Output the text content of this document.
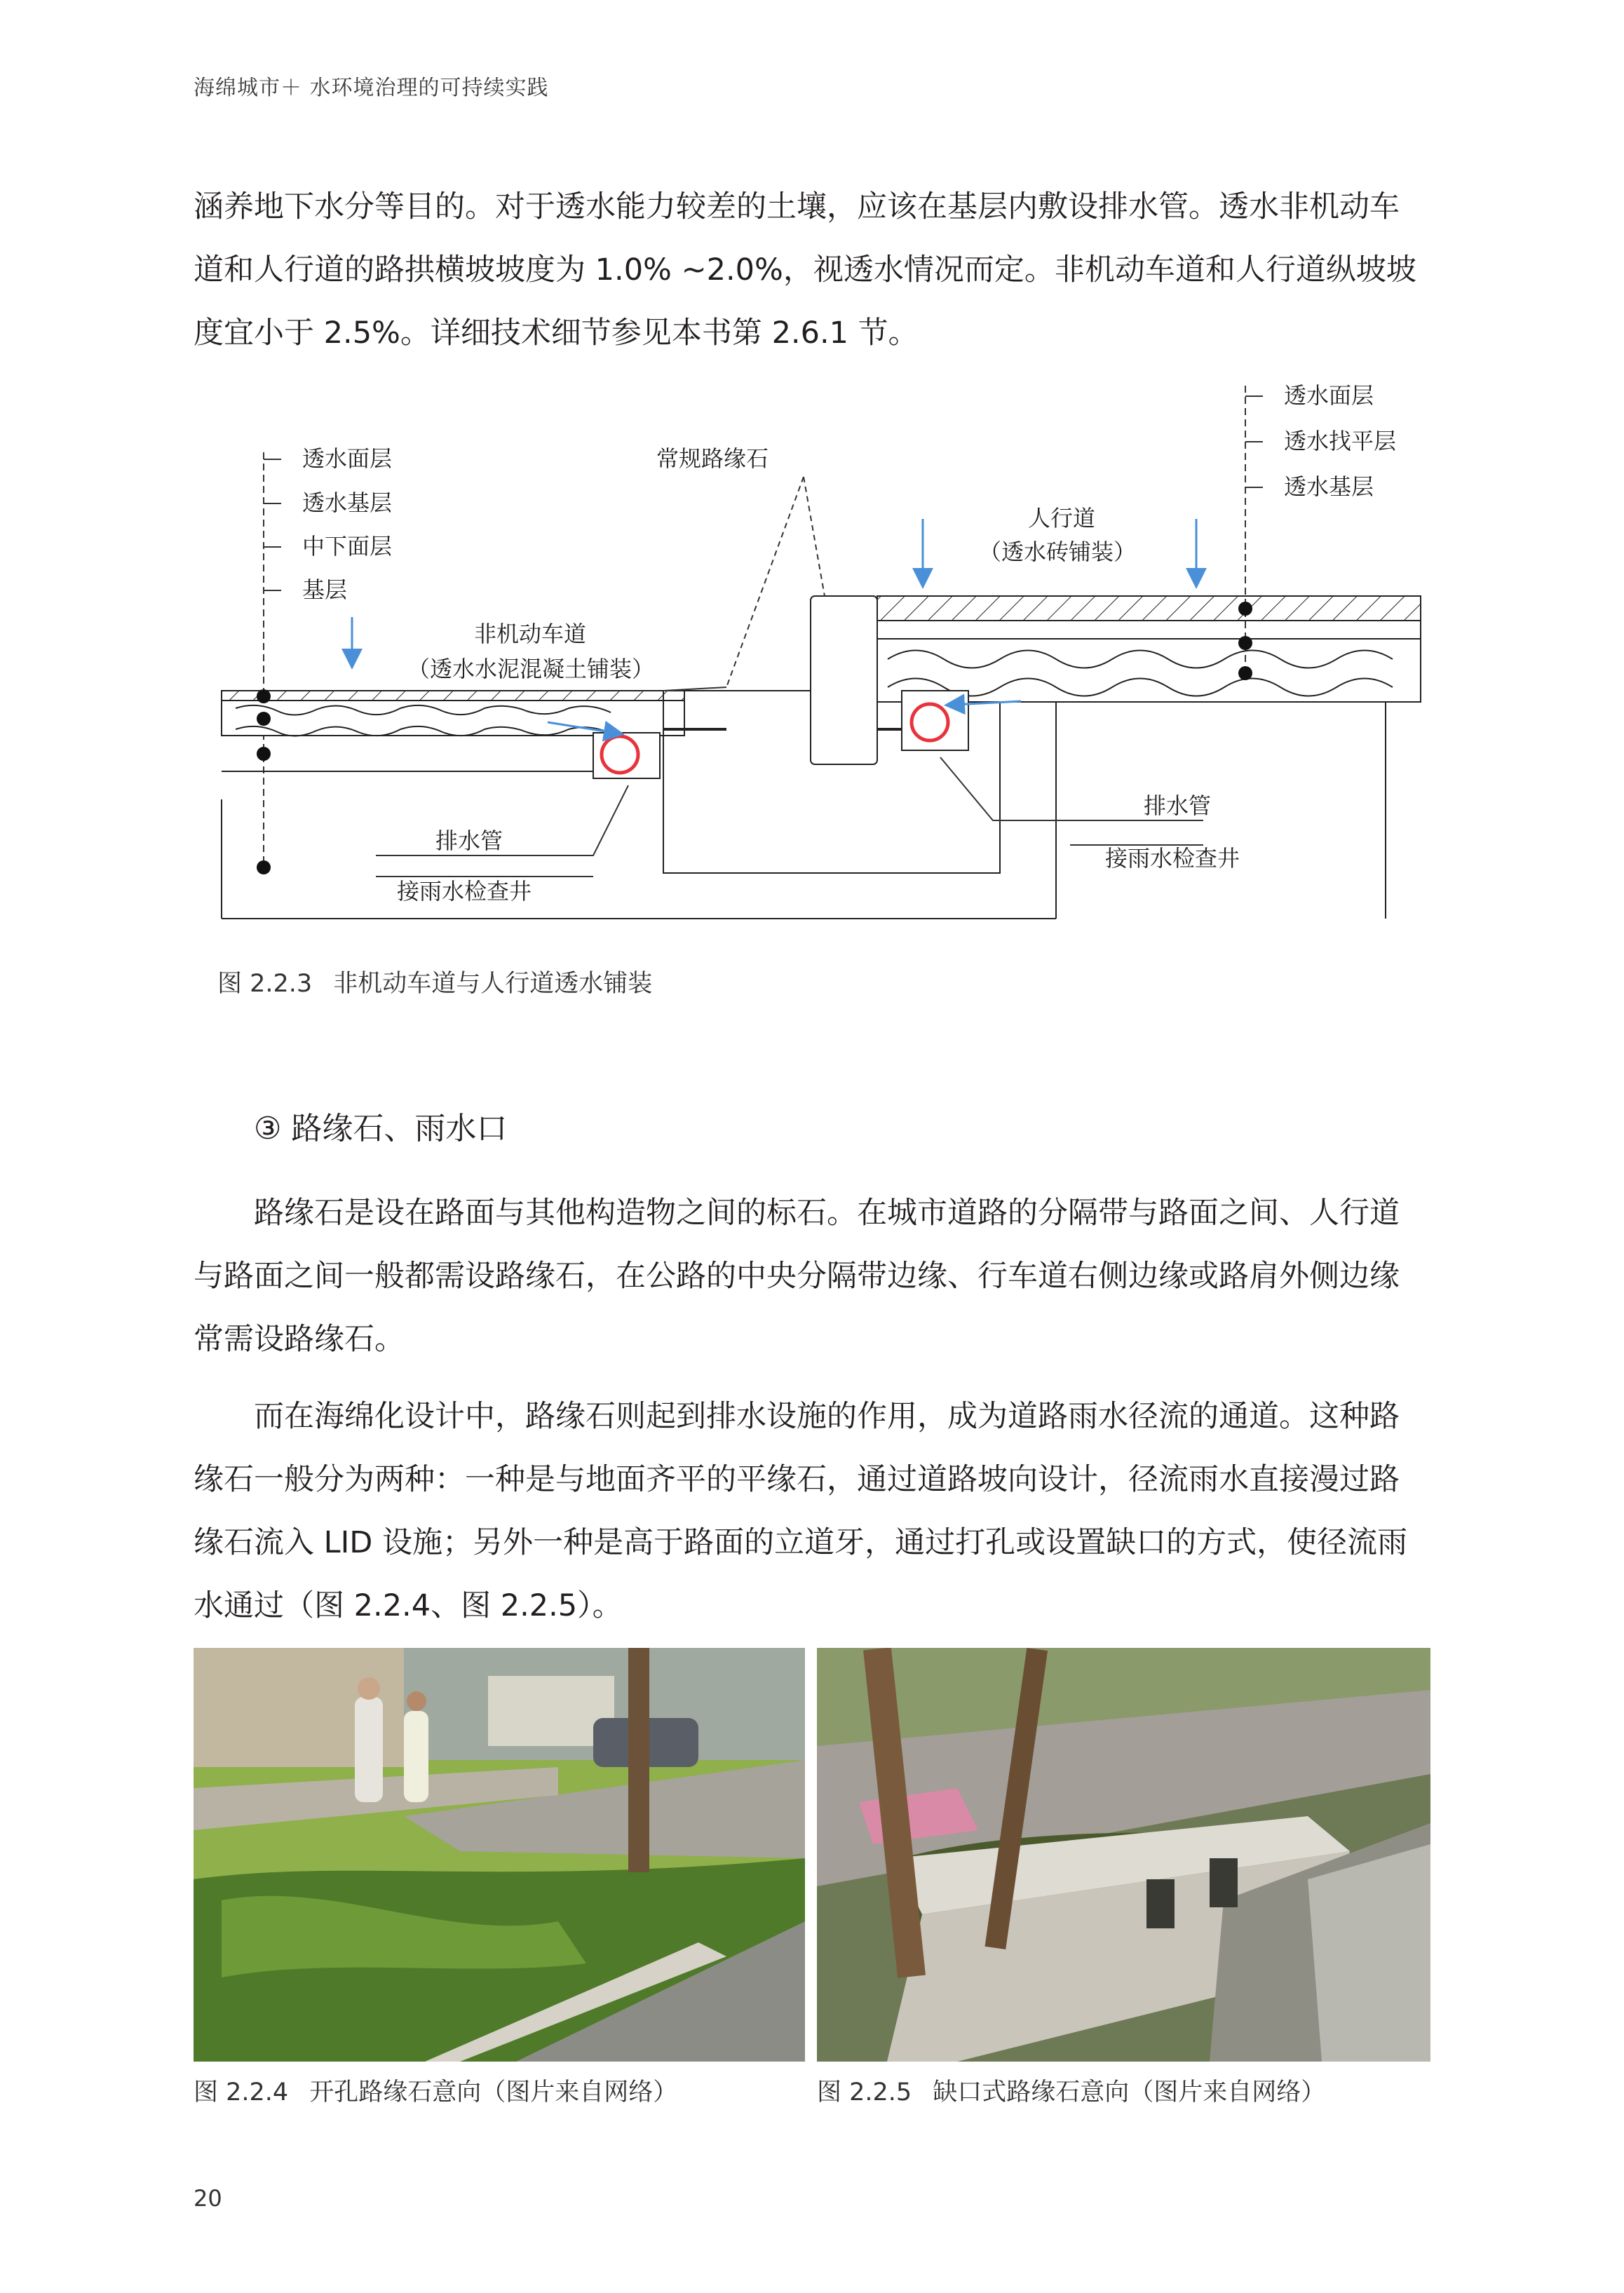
海绵城市＋ 水环境治理的可持续实践
涵养地下水分等目的。对于透水能力较差的土壤，应该在基层内敷设排水管。透水非机动车
道和人行道的路拱横坡坡度为 1.0% ~2.0%，视透水情况而定。非机动车道和人行道纵坡坡
度宜小于 2.5%。详细技术细节参见本书第 2.6.1 节。
透水面层
透水基层
中下面层
基层
非机动车道
（透水水泥混凝土铺装）
常规路缘石
人行道
（透水砖铺装）
透水面层
透水找平层
透水基层
排水管
接雨水检查井
排水管
接雨水检查井
图 2.2.3 非机动车道与人行道透水铺装
③ 路缘石、雨水口
路缘石是设在路面与其他构造物之间的标石。在城市道路的分隔带与路面之间、人行道
与路面之间一般都需设路缘石，在公路的中央分隔带边缘、行车道右侧边缘或路肩外侧边缘
常需设路缘石。
而在海绵化设计中，路缘石则起到排水设施的作用，成为道路雨水径流的通道。这种路
缘石一般分为两种：一种是与地面齐平的平缘石，通过道路坡向设计，径流雨水直接漫过路
缘石流入 LID 设施；另外一种是高于路面的立道牙，通过打孔或设置缺口的方式，使径流雨
水通过（图 2.2.4、图 2.2.5）。
图 2.2.4 开孔路缘石意向（图片来自网络）	图 2.2.5 缺口式路缘石意向（图片来自网络）
20
